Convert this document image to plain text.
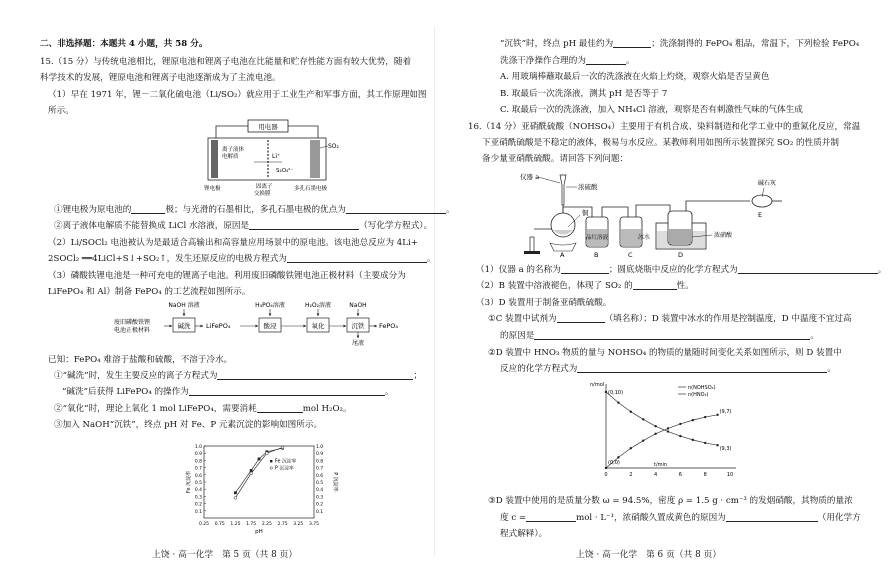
二、非选择题：本题共 4 小题，共 58 分。
15.（15 分）与传统电池相比，锂原电池和锂离子电池在比能量和贮存性能方面有较大优势，随着
科学技术的发展，锂原电池和锂离子电池逐渐成为了主流电池。
（1）早在 1971 年，锂－二氧化硫电池（Li/SO₂）就应用于工业生产和军事方面，其工作原理如图
所示。
用电器
离子液体
电解质	Li⁺
S₂O₄²⁻
SO₂
锂电极	固离子
交换膜
多孔石墨电极
①锂电极为原电池的	极；与光滑的石墨相比，多孔石墨电极的优点为	。
②离子液体电解质不能替换成 LiCl 水溶液，原因是	（写化学方程式）。
（2）Li/SOCl₂ 电池被认为是最适合高输出和高容量应用场景中的原电池。该电池总反应为 4Li+
2SOCl₂ ══4LiCl+S↓+SO₂↑，发生还原反应的电极方程式为	。
（3）磷酸铁锂电池是一种可充电的锂离子电池。利用废旧磷酸铁锂电池正极材料（主要成分为
LiFePO₄ 和 Al）制备 FePO₄ 的工艺流程如图所示。
NaOH 溶液	H₃PO₄溶液	H₂O₂溶液	NaOH
废旧磷酸铁锂
电池正极材料
碱洗 LiFePO₄	酸浸	氧化	沉铁 FePO₄
尾液
已知：FePO₄ 难溶于盐酸和硫酸，不溶于冷水。
①“碱洗”时，发生主要反应的离子方程式为	；
“碱洗”后获得 LiFePO₄ 的操作为	。
②“氧化”时，理论上氧化 1 mol LiFePO₄，需要消耗	mol H₂O₂。
③加入 NaOH“沉铁”，终点 pH 对 Fe、P 元素沉淀的影响如图所示。
0.1	0.1
0.2	0.2
0.3	0.3
0.4	0.4
0.5	0.5
0.6	0.6
0.7	0.7
0.8	0.8
0.9	0.9
1.0	1.0
0.25 0.75 1.25 1.75 2.25 2.75 3.25 3.75
pH
Fe 沉淀率	P 沉淀率
Fe 沉淀率
P 沉淀率
上饶 · 高一化学　第 5 页（共 8 页）
“沉铁”时，终点 pH 最佳约为	；洗涤制得的 FePO₄ 粗品，常温下，下列检验 FePO₄
洗涤干净操作合理的为	。
A. 用玻璃棒蘸取最后一次的洗涤液在火焰上灼烧，观察火焰是否呈黄色
B. 取最后一次洗涤液，测其 pH 是否等于 7
C. 取最后一次的洗涤液，加入 NH₄Cl 溶液，观察是否有刺激性气味的气体生成
16.（14 分）亚硝酰硫酸（NOHSO₄）主要用于有机合成、染料制造和化学工业中的重氮化反应，常温
下亚硝酰硫酸是不稳定的液体，极易与水反应。某教师利用如图所示装置探究 SO₂ 的性质并制
备少量亚硝酰硫酸。请回答下列问题：
仪器 a
浓硫酸
铜
A
品红溶液
B	C
冰水	浓硝酸
D
碱石灰
E
（1）仪器 a 的名称为	；圆底烧瓶中反应的化学方程式为	。
（2）B 装置中溶液褪色，体现了 SO₂ 的	性。
（3）D 装置用于制备亚硝酰硫酸。
①C 装置中试剂为	（填名称）；D 装置中冰水的作用是控制温度，D 中温度不宜过高
的原因是	。
②D 装置中 HNO₃ 物质的量与 NOHSO₄ 的物质的量随时间变化关系如图所示，则 D 装置中
反应的化学方程式为	。
n/mol
t/min
0	2	4	6	8	10
(0,10)
(0,0)
(9,7)
(9,3)
n(NOHSO₄)
n(HNO₃)
③D 装置中使用的是质量分数 ω = 94.5%，密度 ρ = 1.5 g · cm⁻³ 的发烟硝酸，其物质的量浓
度 c =	mol · L⁻¹，浓硝酸久置成黄色的原因为	（用化学方
程式解释）。
上饶 · 高一化学　第 6 页（共 8 页）
